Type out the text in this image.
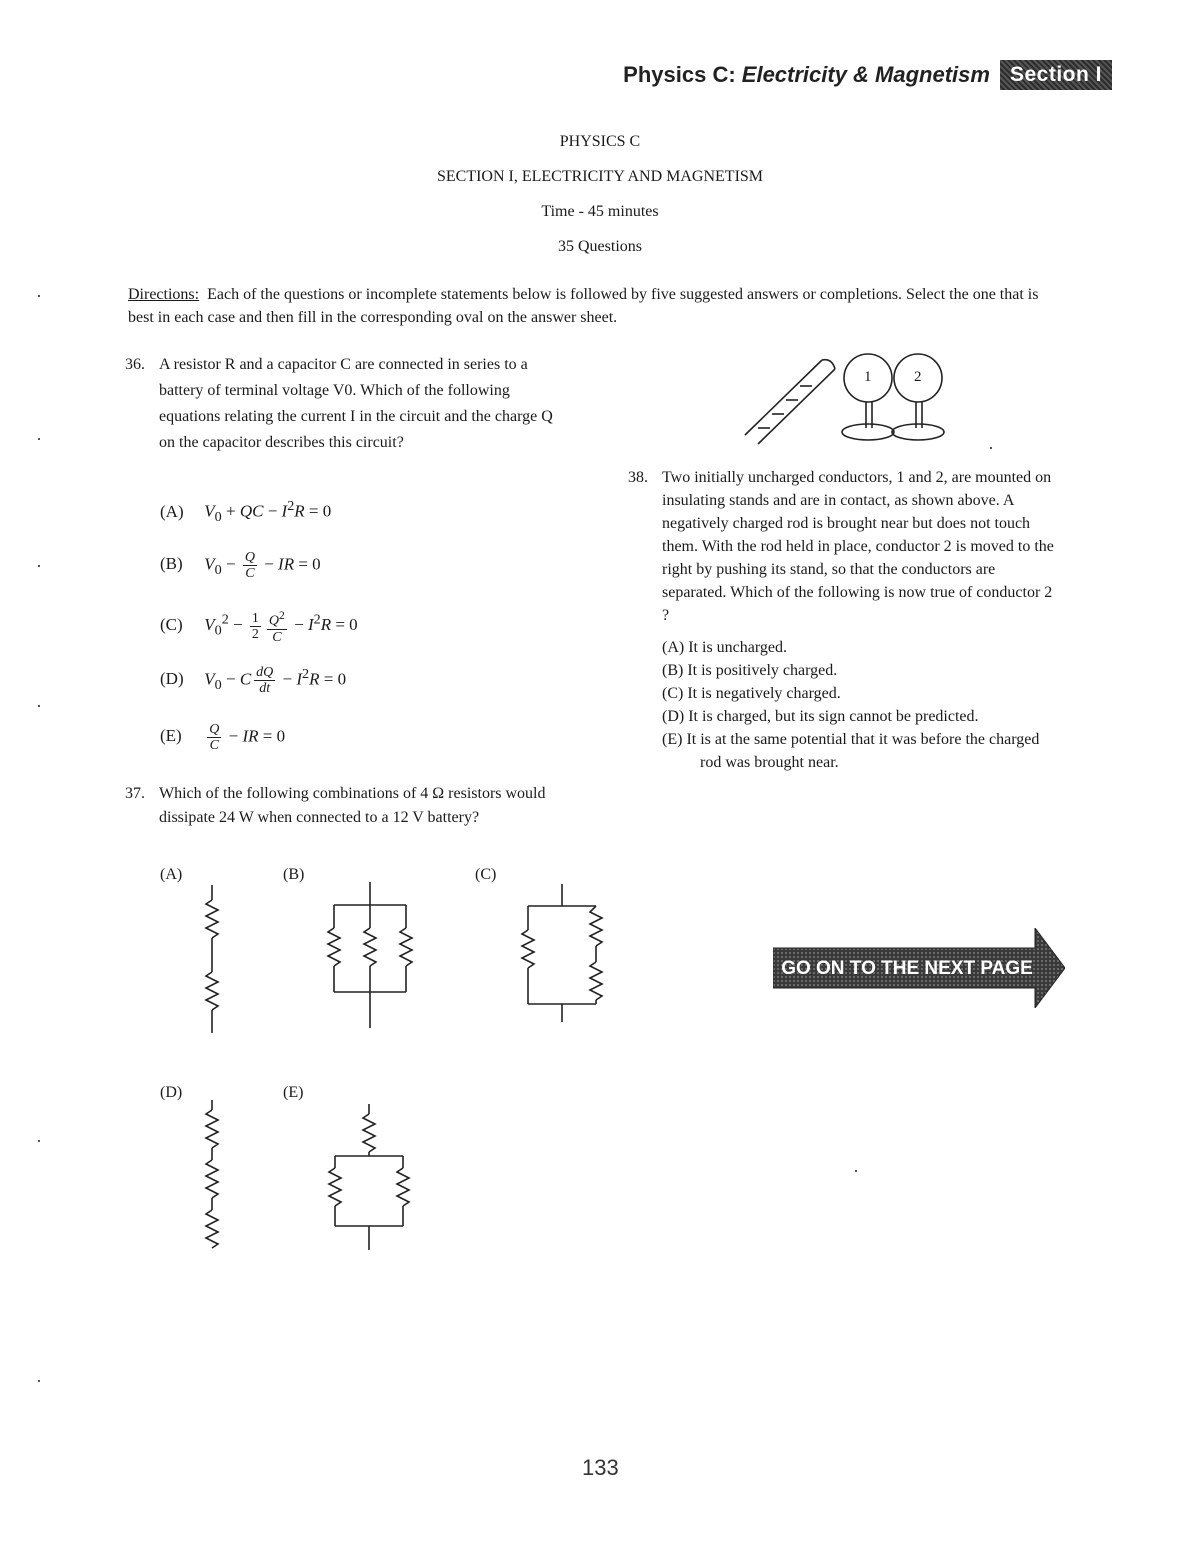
Physics C: Electricity & Magnetism Section I
PHYSICS C
SECTION I, ELECTRICITY AND MAGNETISM
Time - 45 minutes
35 Questions
Directions: Each of the questions or incomplete statements below is followed by five suggested answers or completions. Select the one that is best in each case and then fill in the corresponding oval on the answer sheet.
36. A resistor R and a capacitor C are connected in series to a battery of terminal voltage V0. Which of the following equations relating the current I in the circuit and the charge Q on the capacitor describes this circuit?
(A) $V_0$ + QC − $I^2R = 0$
(B) $V_0 - \frac{Q}{C}$ − IR = 0
(C) $V_0^2 - \frac{1}{2} \frac{Q^2}{C} - I^2R = 0$
(D) $V_0 - C \frac{dQ}{dt} - I^2R = 0$
$(E) \frac{Q}{C}$ − IR = 0
37. Which of the following combinations of 4 Ω resistors would dissipate 24 W when connected to a 12 V battery?
(A)	(B)	(C)
(D)	(E)
1	2
38. Two initially uncharged conductors, 1 and 2, are mounted on insulating stands and are in contact, as shown above. A negatively charged rod is brought near but does not touch them. With the rod held in place, conductor 2 is moved to the right by pushing its stand, so that the conductors are separated. Which of the following is now true of conductor 2 ?
(A) It is uncharged.
(B) It is positively charged.
(C) It is negatively charged.
(D) It is charged, but its sign cannot be predicted.
(E) It is at the same potential that it was before the charged rod was brought near.
GO ON TO THE NEXT PAGE
133
